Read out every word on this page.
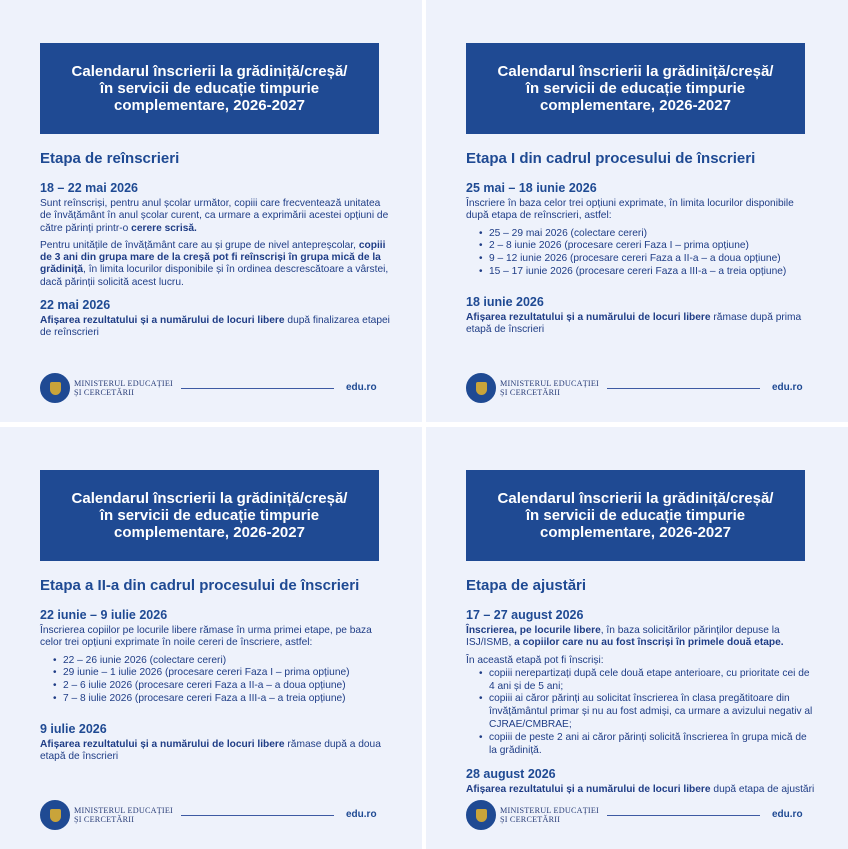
Calendarul înscrierii la grădiniță/creșă/
în servicii de educație timpurie
complementare, 2026-2027
Etapa de reînscrieri
18 – 22 mai 2026
Sunt reînscriși, pentru anul școlar următor, copiii care frecventează unitatea de învățământ în anul școlar curent, ca urmare a exprimării acestei opțiuni de către părinți printr-o cerere scrisă.
Pentru unitățile de învățământ care au și grupe de nivel antepreșcolar, copiii de 3 ani din grupa mare de la creșă pot fi reînscriși în grupa mică de la grădiniță, în limita locurilor disponibile și în ordinea descrescătoare a vârstei, dacă părinții solicită acest lucru.
22 mai 2026
Afișarea rezultatului și a numărului de locuri libere după finalizarea etapei de reînscrieri
MINISTERUL EDUCAȚIEI
ȘI CERCETĂRII	edu.ro
Calendarul înscrierii la grădiniță/creșă/
în servicii de educație timpurie
complementare, 2026-2027
Etapa I din cadrul procesului de înscrieri
25 mai – 18 iunie 2026
Înscriere în baza celor trei opțiuni exprimate, în limita locurilor disponibile după etapa de reînscrieri, astfel:
• 25 – 29 mai 2026 (colectare cereri)
• 2 – 8 iunie 2026 (procesare cereri Faza I – prima opțiune)
• 9 – 12 iunie 2026 (procesare cereri Faza a II-a – a doua opțiune)
• 15 – 17 iunie 2026 (procesare cereri Faza a III-a – a treia opțiune)
18 iunie 2026
Afișarea rezultatului și a numărului de locuri libere rămase după prima etapă de înscrieri
MINISTERUL EDUCAȚIEI
ȘI CERCETĂRII	edu.ro
Calendarul înscrierii la grădiniță/creșă/
în servicii de educație timpurie
complementare, 2026-2027
Etapa a II-a din cadrul procesului de înscrieri
22 iunie – 9 iulie 2026
Înscrierea copiilor pe locurile libere rămase în urma primei etape, pe baza celor trei opțiuni exprimate în noile cereri de înscriere, astfel:
• 22 – 26 iunie 2026 (colectare cereri)
• 29 iunie – 1 iulie 2026 (procesare cereri Faza I – prima opțiune)
• 2 – 6 iulie 2026 (procesare cereri Faza a II-a – a doua opțiune)
• 7 – 8 iulie 2026 (procesare cereri Faza a III-a – a treia opțiune)
9 iulie 2026
Afișarea rezultatului și a numărului de locuri libere rămase după a doua etapă de înscrieri
MINISTERUL EDUCAȚIEI
ȘI CERCETĂRII	edu.ro
Calendarul înscrierii la grădiniță/creșă/
în servicii de educație timpurie
complementare, 2026-2027
Etapa de ajustări
17 – 27 august 2026
Înscrierea, pe locurile libere, în baza solicitărilor părinților depuse la ISJ/ISMB, a copiilor care nu au fost înscriși în primele două etape.
În această etapă pot fi înscriși:
• copiii nerepartizați după cele două etape anterioare, cu prioritate cei de 4 ani și de 5 ani;
• copiii ai căror părinți au solicitat înscrierea în clasa pregătitoare din învățământul primar și nu au fost admiși, ca urmare a avizului negativ al CJRAE/CMBRAE;
• copiii de peste 2 ani ai căror părinți solicită înscrierea în grupa mică de la grădiniță.
28 august 2026
Afișarea rezultatului și a numărului de locuri libere după etapa de ajustări
MINISTERUL EDUCAȚIEI
ȘI CERCETĂRII	edu.ro
